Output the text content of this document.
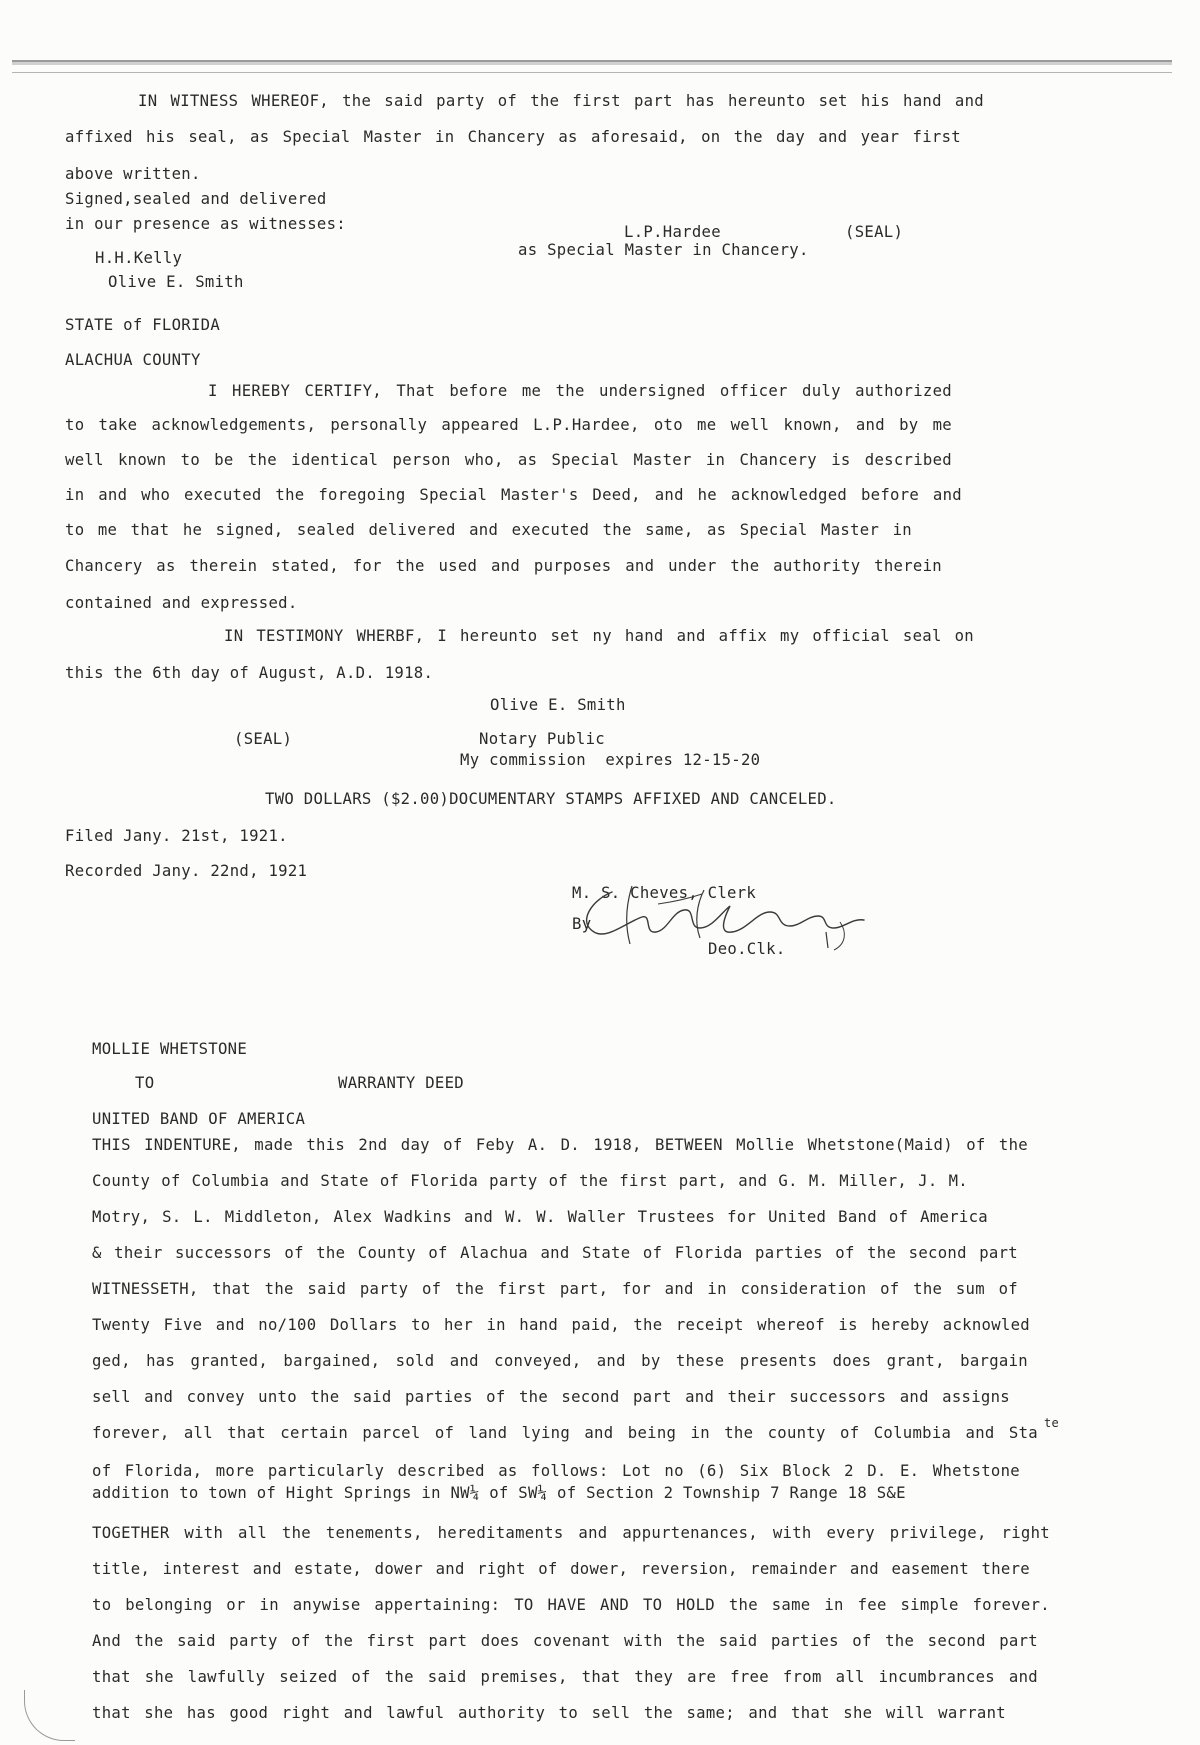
IN WITNESS WHEREOF, the said party of the first part has hereunto set his hand and
affixed his seal, as Special Master in Chancery as aforesaid, on the day and year first
above written.
Signed,sealed and delivered
in our presence as witnesses:	L.P.Hardee	(SEAL)
as Special Master in Chancery.
H.H.Kelly
Olive E. Smith
STATE of FLORIDA
ALACHUA COUNTY
I HEREBY CERTIFY, That before me the undersigned officer duly authorized
to take acknowledgements, personally appeared L.P.Hardee, oto me well known, and by me
well known to be the identical person who, as Special Master in Chancery is described
in and who executed the foregoing Special Master's Deed, and he acknowledged before and
to me that he signed, sealed delivered and executed the same, as Special Master in
Chancery as therein stated, for the used and purposes and under the authority therein
contained and expressed.
IN TESTIMONY WHERBF, I hereunto set ny hand and affix my official seal on
this the 6th day of August, A.D. 1918.
Olive E. Smith
(SEAL)	Notary Public
My commission  expires 12-15-20
TWO DOLLARS ($2.00)DOCUMENTARY STAMPS AFFIXED AND CANCELED.
Filed Jany. 21st, 1921.
Recorded Jany. 22nd, 1921
M. S. Cheves, Clerk
By
Deo.Clk.
MOLLIE WHETSTONE
TO	WARRANTY DEED
UNITED BAND OF AMERICA
THIS INDENTURE, made this 2nd day of Feby A. D. 1918, BETWEEN Mollie Whetstone(Maid) of the
County of Columbia and State of Florida party of the first part, and G. M. Miller, J. M.
Motry, S. L. Middleton, Alex Wadkins and W. W. Waller Trustees for United Band of America
& their successors of the County of Alachua and State of Florida parties of the second part
WITNESSETH, that the said party of the first part, for and in consideration of the sum of
Twenty Five and no/100 Dollars to her in hand paid, the receipt whereof is hereby acknowled
ged, has granted, bargained, sold and conveyed, and by these presents does grant, bargain
sell and convey unto the said parties of the second part and their successors and assigns
forever, all that certain parcel of land lying and being in the county of Columbia and Sta
te
of Florida, more particularly described as follows: Lot no (6) Six Block 2 D. E. Whetstone
addition to town of Hight Springs in NW¼ of SW¼ of Section 2 Township 7 Range 18 S&E
TOGETHER with all the tenements, hereditaments and appurtenances, with every privilege, right
title, interest and estate, dower and right of dower, reversion, remainder and easement there
to belonging or in anywise appertaining: TO HAVE AND TO HOLD the same in fee simple forever.
And the said party of the first part does covenant with the said parties of the second part
that she lawfully seized of the said premises, that they are free from all incumbrances and
that she has good right and lawful authority to sell the same; and that she will warrant
